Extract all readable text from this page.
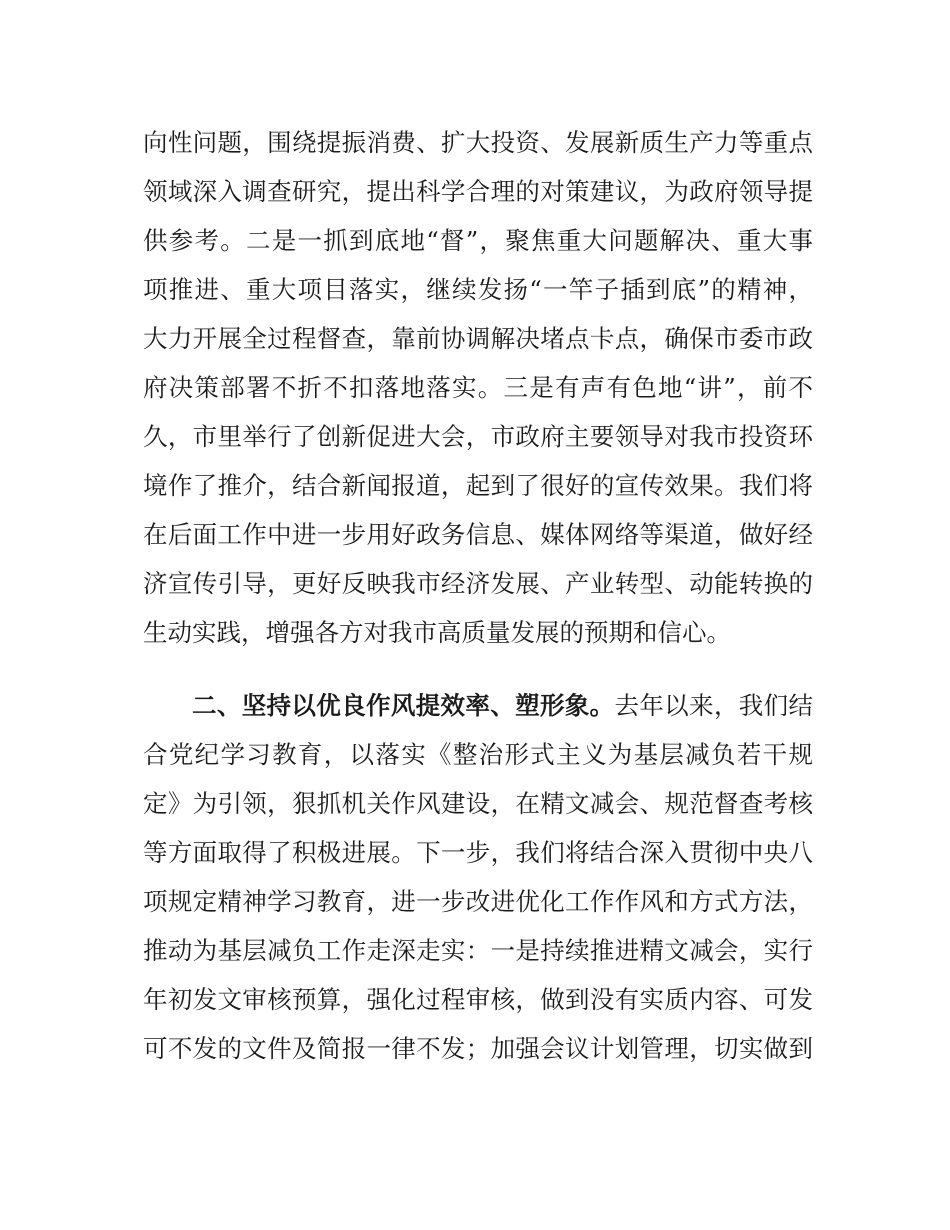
向性问题，围绕提振消费、扩大投资、发展新质生产力等重点
领域深入调查研究，提出科学合理的对策建议，为政府领导提
供参考。二是一抓到底地“督”，聚焦重大问题解决、重大事
项推进、重大项目落实，继续发扬“一竿子插到底”的精神，
大力开展全过程督查，靠前协调解决堵点卡点，确保市委市政
府决策部署不折不扣落地落实。三是有声有色地“讲”，前不
久，市里举行了创新促进大会，市政府主要领导对我市投资环
境作了推介，结合新闻报道，起到了很好的宣传效果。我们将
在后面工作中进一步用好政务信息、媒体网络等渠道，做好经
济宣传引导，更好反映我市经济发展、产业转型、动能转换的
生动实践，增强各方对我市高质量发展的预期和信心。
二、坚持以优良作风提效率、塑形象。去年以来，我们结
合党纪学习教育，以落实《整治形式主义为基层减负若干规
定》为引领，狠抓机关作风建设，在精文减会、规范督查考核
等方面取得了积极进展。下一步，我们将结合深入贯彻中央八
项规定精神学习教育，进一步改进优化工作作风和方式方法，
推动为基层减负工作走深走实：一是持续推进精文减会，实行
年初发文审核预算，强化过程审核，做到没有实质内容、可发
可不发的文件及简报一律不发；加强会议计划管理，切实做到
